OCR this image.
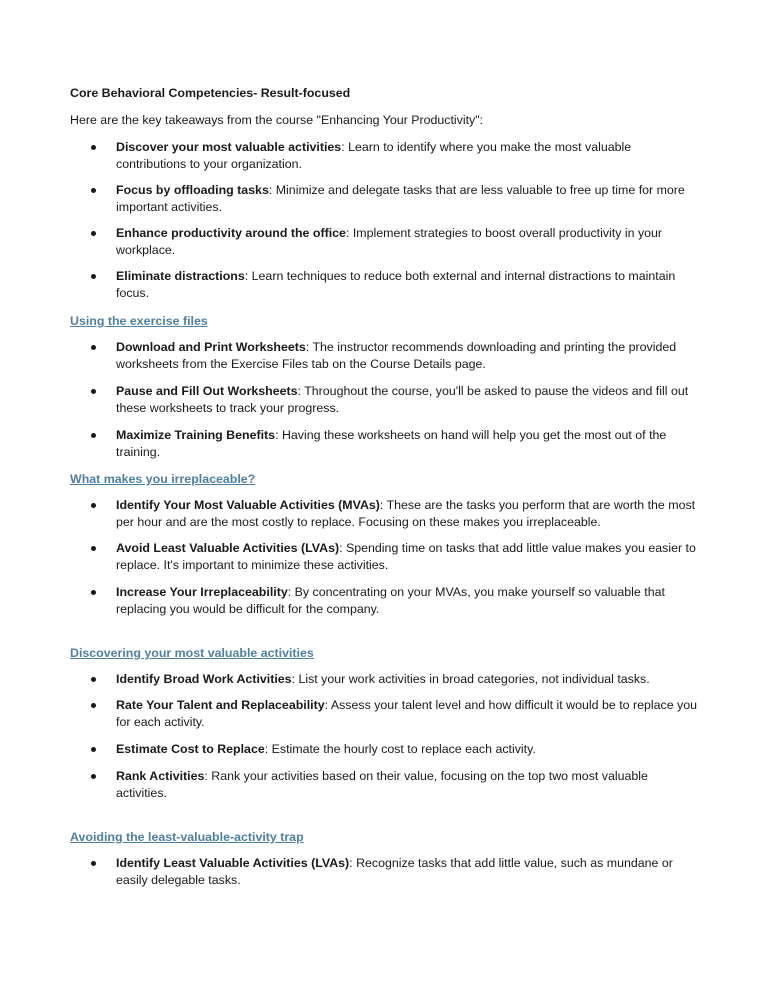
Core Behavioral Competencies- Result-focused

Here are the key takeaways from the course "Enhancing Your Productivity":

Discover your most valuable activities: Learn to identify where you make the most valuable contributions to your organization.
Focus by offloading tasks: Minimize and delegate tasks that are less valuable to free up time for more important activities.
Enhance productivity around the office: Implement strategies to boost overall productivity in your workplace.
Eliminate distractions: Learn techniques to reduce both external and internal distractions to maintain focus.

Using the exercise files

Download and Print Worksheets: The instructor recommends downloading and printing the provided worksheets from the Exercise Files tab on the Course Details page.
Pause and Fill Out Worksheets: Throughout the course, you'll be asked to pause the videos and fill out these worksheets to track your progress.
Maximize Training Benefits: Having these worksheets on hand will help you get the most out of the training.

What makes you irreplaceable?

Identify Your Most Valuable Activities (MVAs): These are the tasks you perform that are worth the most per hour and are the most costly to replace. Focusing on these makes you irreplaceable.
Avoid Least Valuable Activities (LVAs): Spending time on tasks that add little value makes you easier to replace. It's important to minimize these activities.
Increase Your Irreplaceability: By concentrating on your MVAs, you make yourself so valuable that replacing you would be difficult for the company.

Discovering your most valuable activities

Identify Broad Work Activities: List your work activities in broad categories, not individual tasks.
Rate Your Talent and Replaceability: Assess your talent level and how difficult it would be to replace you for each activity.
Estimate Cost to Replace: Estimate the hourly cost to replace each activity.
Rank Activities: Rank your activities based on their value, focusing on the top two most valuable activities.

Avoiding the least-valuable-activity trap

Identify Least Valuable Activities (LVAs): Recognize tasks that add little value, such as mundane or easily delegable tasks.
